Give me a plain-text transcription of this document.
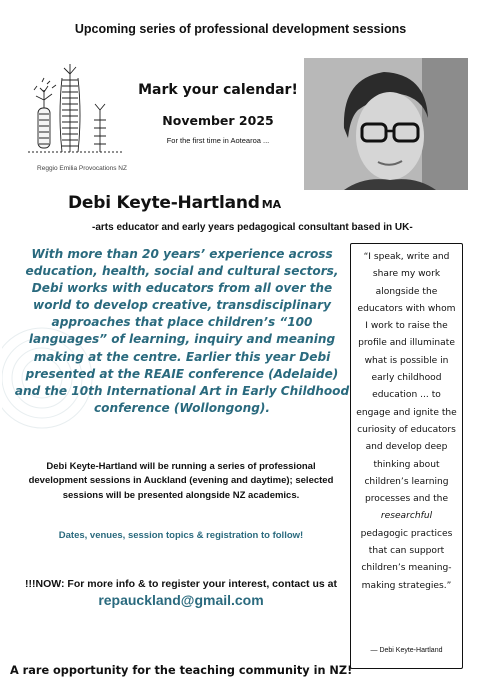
Upcoming series of professional development sessions
Reggio Emilia Provocations NZ
Mark your calendar!
November 2025
For the first time in Aotearoa ...
Debi Keyte-Hartland MA
-arts educator and early years pedagogical consultant based in UK-
With more than 20 years’ experience across education, health, social and cultural sectors, Debi works with educators from all over the world to develop creative, transdisciplinary approaches that place children’s “100 languages” of learning, inquiry and meaning making at the centre. Earlier this year Debi presented at the REAIE conference (Adelaide) and the 10th International Art in Early Childhood conference (Wollongong).
Debi Keyte-Hartland will be running a series of professional development sessions in Auckland (evening and daytime); selected sessions will be presented alongside NZ academics.
Dates, venues, session topics & registration to follow!
!!!NOW: For more info & to register your interest, contact us at repauckland@gmail.com
“I speak, write and share my work alongside the educators with whom I work to raise the profile and illuminate what is possible in early childhood education ... to engage and ignite the curiosity of educators and develop deep thinking about children’s learning processes and the researchful pedagogic practices that can support children’s meaning-making strategies.”
— Debi Keyte-Hartland
A rare opportunity for the teaching community in NZ!
